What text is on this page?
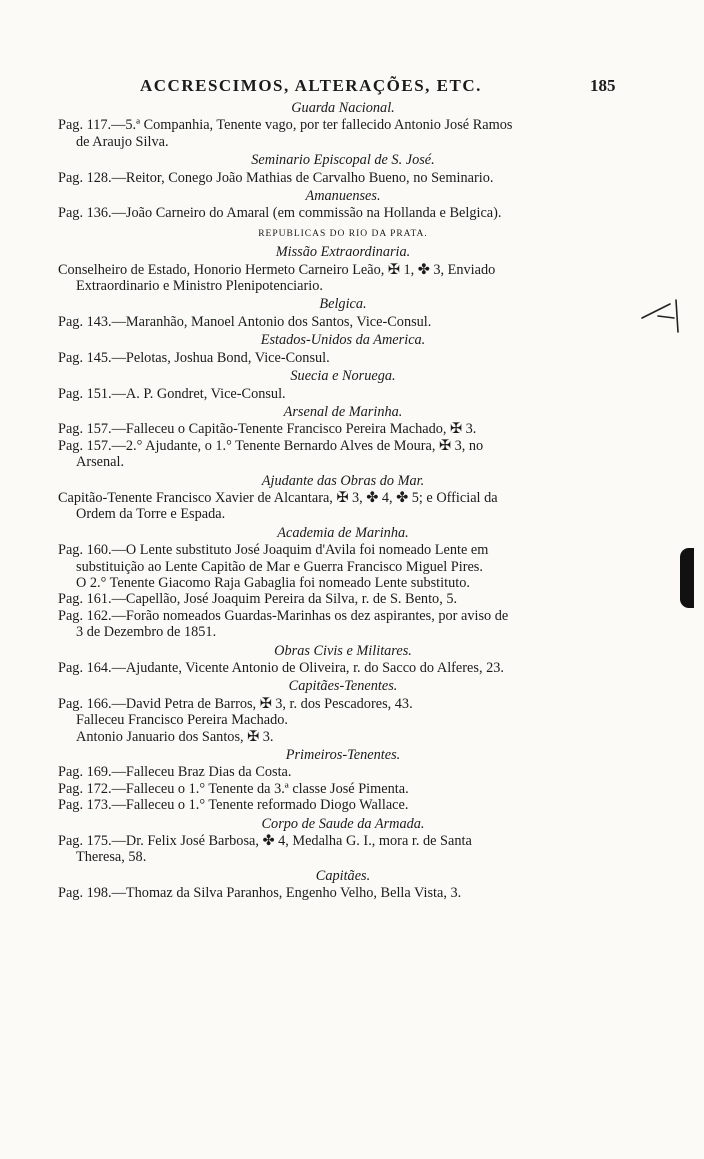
ACCRESCIMOS, ALTERAÇÕES, ETC.	185
Guarda Nacional.

Pag. 117.—5.ª Companhia, Tenente vago, por ter fallecido Antonio José Ramos

de Araujo Silva.

Seminario Episcopal de S. José.

Pag. 128.—Reitor, Conego João Mathias de Carvalho Bueno, no Seminario.

Amanuenses.

Pag. 136.—João Carneiro do Amaral (em commissão na Hollanda e Belgica).

REPUBLICAS DO RIO DA PRATA.
Missão Extraordinaria.

Conselheiro de Estado, Honorio Hermeto Carneiro Leão, ✠ 1, ✤ 3, Enviado

Extraordinario e Ministro Plenipotenciario.

Belgica.

Pag. 143.—Maranhão, Manoel Antonio dos Santos, Vice-Consul.

Estados-Unidos da America.

Pag. 145.—Pelotas, Joshua Bond, Vice-Consul.

Suecia e Noruega.

Pag. 151.—A. P. Gondret, Vice-Consul.

Arsenal de Marinha.

Pag. 157.—Falleceu o Capitão-Tenente Francisco Pereira Machado, ✠ 3.

Pag. 157.—2.° Ajudante, o 1.° Tenente Bernardo Alves de Moura, ✠ 3, no

Arsenal.

Ajudante das Obras do Mar.

Capitão-Tenente Francisco Xavier de Alcantara, ✠ 3, ✤ 4, ✤ 5; e Official da

Ordem da Torre e Espada.

Academia de Marinha.

Pag. 160.—O Lente substituto José Joaquim d'Avila foi nomeado Lente em

substituição ao Lente Capitão de Mar e Guerra Francisco Miguel Pires.

O 2.° Tenente Giacomo Raja Gabaglia foi nomeado Lente substituto.

Pag. 161.—Capellão, José Joaquim Pereira da Silva, r. de S. Bento, 5.

Pag. 162.—Forão nomeados Guardas-Marinhas os dez aspirantes, por aviso de

3 de Dezembro de 1851.

Obras Civis e Militares.

Pag. 164.—Ajudante, Vicente Antonio de Oliveira, r. do Sacco do Alferes, 23.

Capitães-Tenentes.

Pag. 166.—David Petra de Barros, ✠ 3, r. dos Pescadores, 43.

Falleceu Francisco Pereira Machado.

Antonio Januario dos Santos, ✠ 3.

Primeiros-Tenentes.

Pag. 169.—Falleceu Braz Dias da Costa.

Pag. 172.—Falleceu o 1.° Tenente da 3.ª classe José Pimenta.

Pag. 173.—Falleceu o 1.° Tenente reformado Diogo Wallace.

Corpo de Saude da Armada.

Pag. 175.—Dr. Felix José Barbosa, ✤ 4, Medalha G. I., mora r. de Santa

Theresa, 58.

Capitães.

Pag. 198.—Thomaz da Silva Paranhos, Engenho Velho, Bella Vista, 3.
